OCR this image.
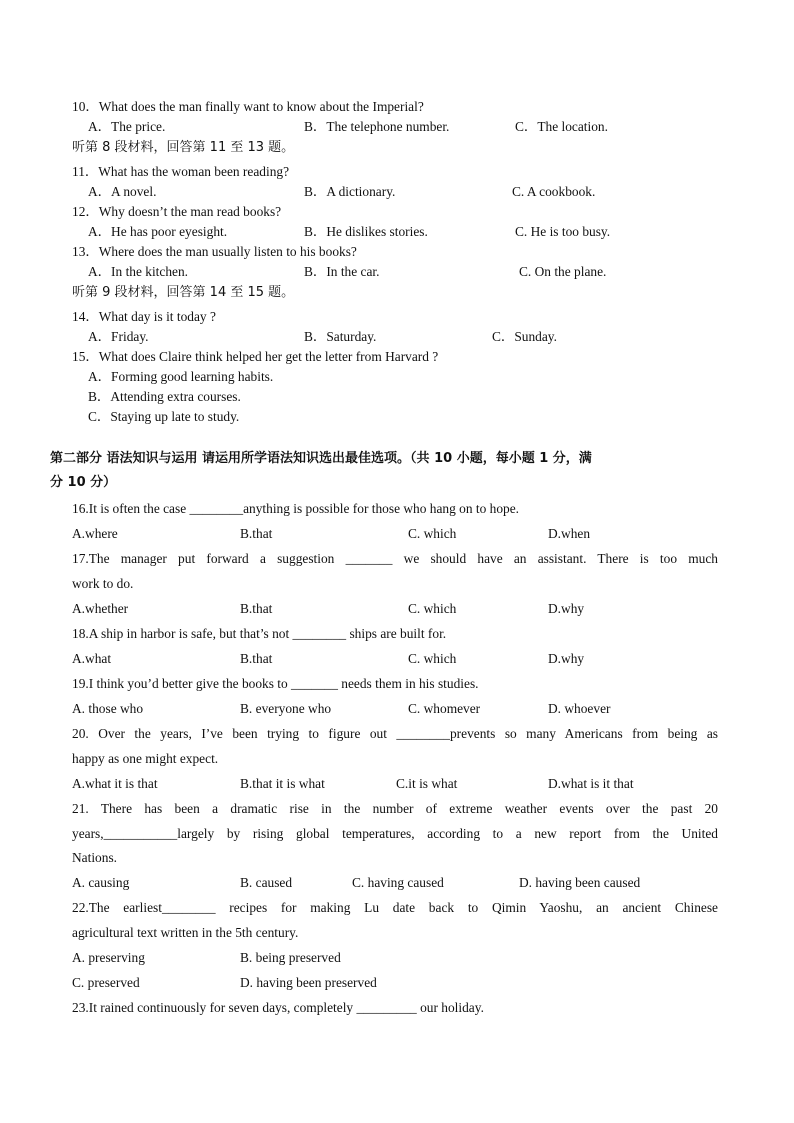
10．What does the man finally want to know about the Imperial?
A．The price.	B．The telephone number.	C．The location.
听第 8 段材料，回答第 11 至 13 题。
11．What has the woman been reading?
A．A novel.	B．A dictionary.	C. A cookbook.
12．Why doesn’t the man read books?
A．He has poor eyesight.	B．He dislikes stories.	C. He is too busy.
13．Where does the man usually listen to his books?
A．In the kitchen.	B．In the car.	C. On the plane.
听第 9 段材料，回答第 14 至 15 题。
14．What day is it today ?
A．Friday.	B．Saturday.	C．Sunday.
15．What does Claire think helped her get the letter from Harvard ?
A．Forming good learning habits.
B．Attending extra courses.
C．Staying up late to study.
第二部分 语法知识与运用 请运用所学语法知识选出最佳选项。（共 10 小题，每小题 1 分，满
分 10 分）
16.It is often the case ________anything is possible for those who hang on to hope.
A.where	B.that	C. which	D.when
17.The manager put forward a suggestion _______ we should have an assistant. There is too much
work to do.
A.whether	B.that	C. which	D.why
18.A ship in harbor is safe, but that’s not ________ ships are built for.
A.what	B.that	C. which	D.why
19.I think you’d better give the books to _______ needs them in his studies.
A. those who	B. everyone who	C. whomever	D. whoever
20. Over the years, I’ve been trying to figure out ________prevents so many Americans from being as
happy as one might expect.
A.what it is that	B.that it is what	C.it is what	D.what is it that
21. There has been a dramatic rise in the number of extreme weather events over the past 20
years,___________largely by rising global temperatures, according to a new report from the United
Nations.
A. causing	B. caused	C. having caused	D. having been caused
22.The earliest________ recipes for making Lu date back to Qimin Yaoshu, an ancient Chinese
agricultural text written in the 5th century.
A. preserving	B. being preserved
C. preserved	D. having been preserved
23.It rained continuously for seven days, completely _________ our holiday.
